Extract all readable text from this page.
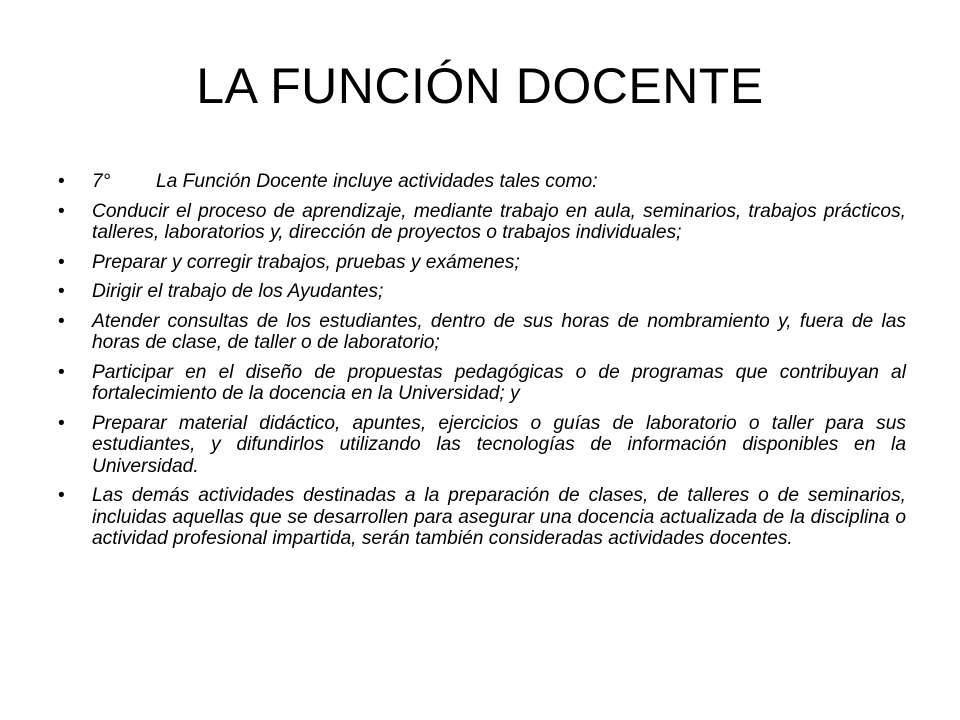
LA FUNCIÓN DOCENTE
• 7° La Función Docente incluye actividades tales como:
• Conducir el proceso de aprendizaje, mediante trabajo en aula, seminarios, trabajos prácticos, talleres, laboratorios y, dirección de proyectos o trabajos individuales;
• Preparar y corregir trabajos, pruebas y exámenes;
• Dirigir el trabajo de los Ayudantes;
• Atender consultas de los estudiantes, dentro de sus horas de nombramiento y, fuera de las horas de clase, de taller o de laboratorio;
• Participar en el diseño de propuestas pedagógicas o de programas que contribuyan al fortalecimiento de la docencia en la Universidad; y
• Preparar material didáctico, apuntes, ejercicios o guías de laboratorio o taller para sus estudiantes, y difundirlos utilizando las tecnologías de información disponibles en la Universidad.
• Las demás actividades destinadas a la preparación de clases, de talleres o de seminarios, incluidas aquellas que se desarrollen para asegurar una docencia actualizada de la disciplina o actividad profesional impartida, serán también consideradas actividades docentes.
